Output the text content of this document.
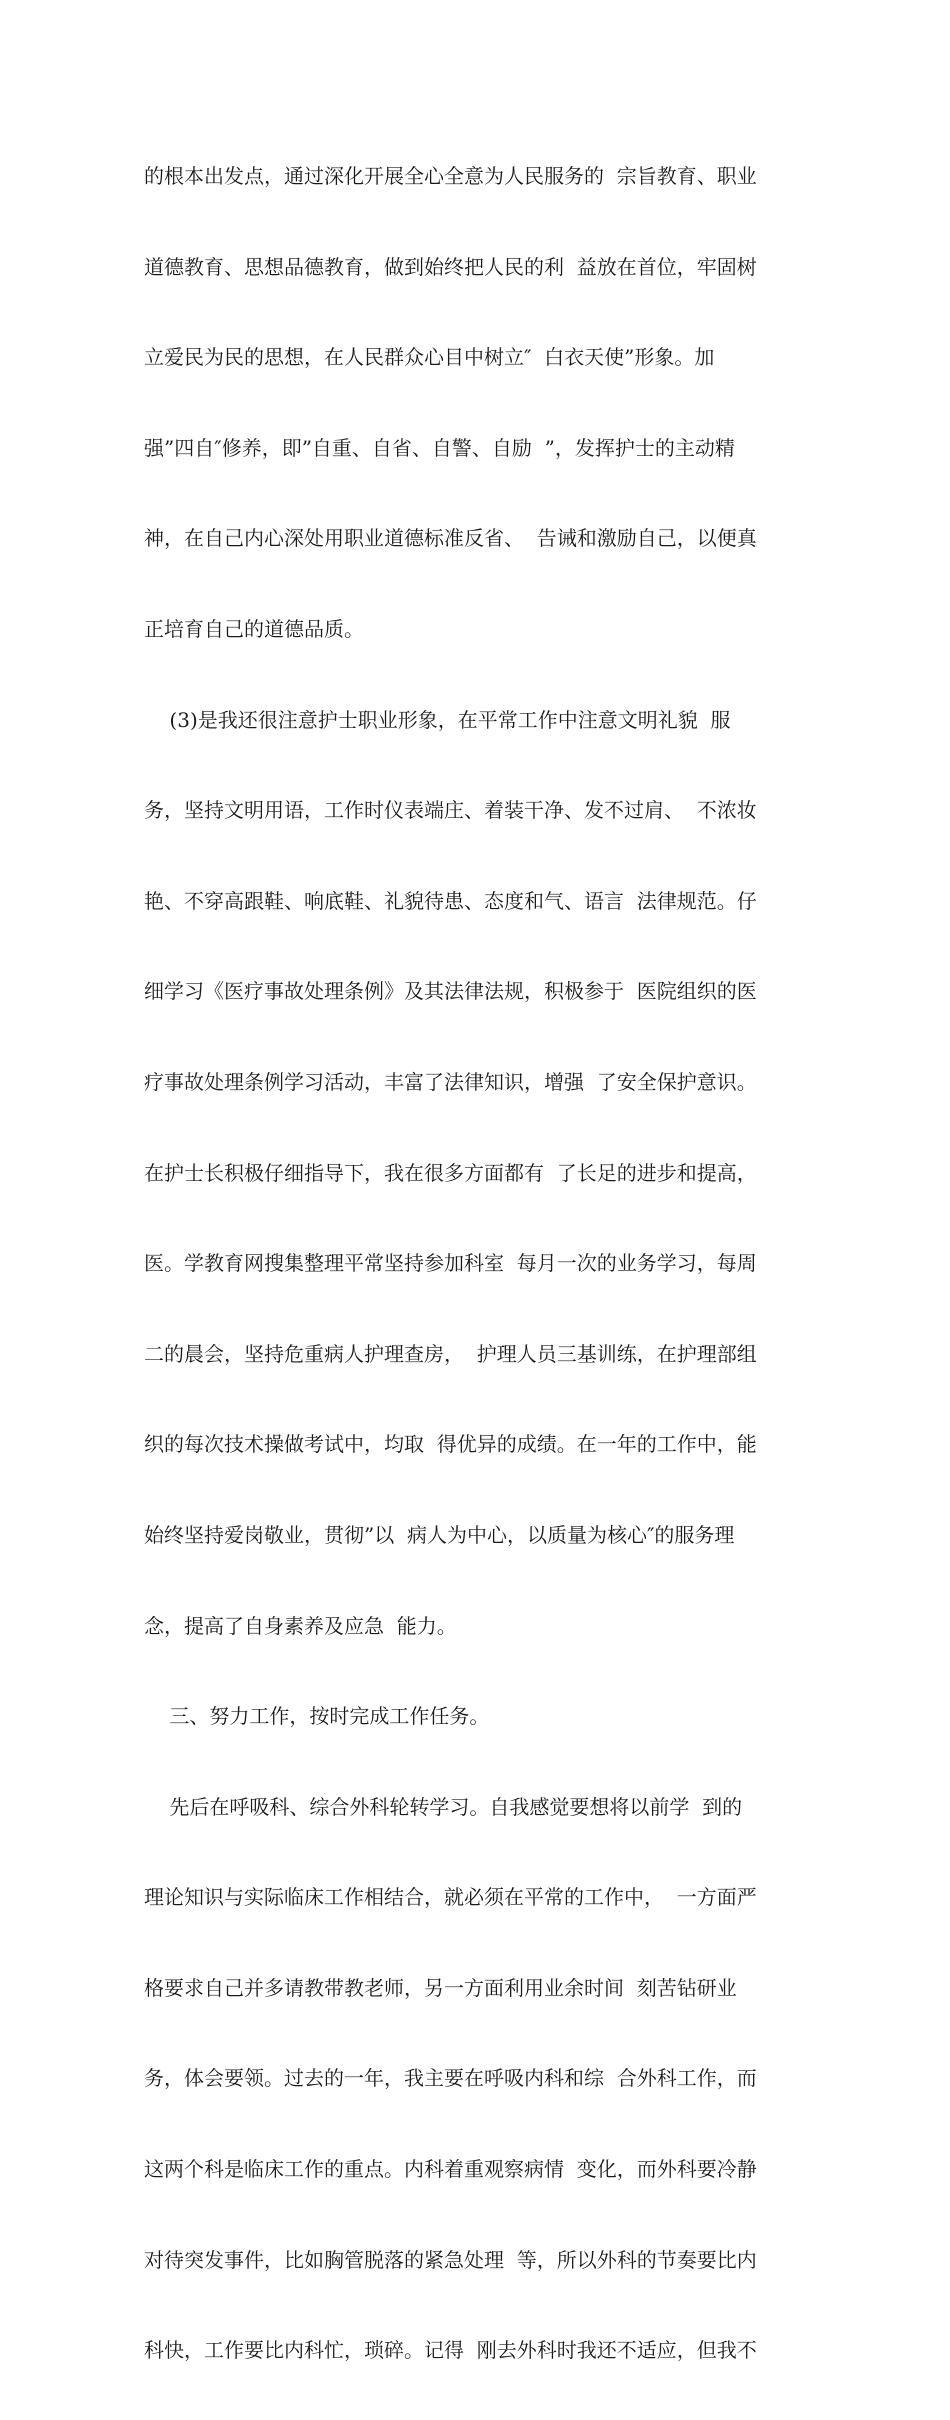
的根本出发点，通过深化开展全心全意为人民服务的  宗旨教育、职业

道德教育、思想品德教育，做到始终把人民的利  益放在首位，牢固树

立爱民为民的思想，在人民群众心目中树立″  白衣天使”形象。加

强”四自″修养，即”自重、自省、自警、自励  ”，发挥护士的主动精

神，在自己内心深处用职业道德标准反省、  告诫和激励自己，以便真

正培育自己的道德品质。

(3)是我还很注意护士职业形象，在平常工作中注意文明礼貌  服

务，坚持文明用语，工作时仪表端庄、着装干净、发不过肩、  不浓妆

艳、不穿高跟鞋、响底鞋、礼貌待患、态度和气、语言  法律规范。仔

细学习《医疗事故处理条例》及其法律法规，积极参于  医院组织的医

疗事故处理条例学习活动，丰富了法律知识，增强  了安全保护意识。

在护士长积极仔细指导下，我在很多方面都有  了长足的进步和提高，

医。学教育网搜集整理平常坚持参加科室  每月一次的业务学习，每周

二的晨会，坚持危重病人护理查房，  护理人员三基训练，在护理部组

织的每次技术操做考试中，均取  得优异的成绩。在一年的工作中，能

始终坚持爱岗敬业，贯彻”以  病人为中心，以质量为核心″的服务理

念，提高了自身素养及应急  能力。

三、努力工作，按时完成工作任务。

先后在呼吸科、综合外科轮转学习。自我感觉要想将以前学  到的

理论知识与实际临床工作相结合，就必须在平常的工作中，  一方面严

格要求自己并多请教带教老师，另一方面利用业余时间  刻苦钻研业

务，体会要领。过去的一年，我主要在呼吸内科和综  合外科工作，而

这两个科是临床工作的重点。内科着重观察病情  变化，而外科要冷静

对待突发事件，比如胸管脱落的紧急处理  等，所以外科的节奏要比内

科快，工作要比内科忙，琐碎。记得  刚去外科时我还不适应，但我不
